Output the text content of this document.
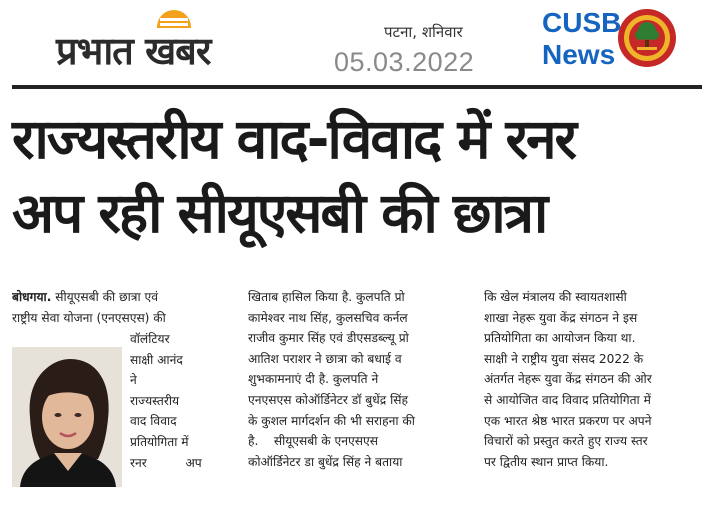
प्रभात खबर	पटना, शनिवार
05.03.2022
CUSB
News
राज्यस्तरीय वाद-विवाद में रनर
अप रही सीयूएसबी की छात्रा
बोधगया. सीयूएसबी की छात्रा एवं
राष्ट्रीय सेवा योजना (एनएसएस) की
वॉलंटियर
साक्षी आनंद
ने
राज्यस्तरीय
वाद विवाद
प्रतियोगिता में
रनर          अप
खिताब हासिल किया है. कुलपति प्रो
कामेश्वर नाथ सिंह, कुलसचिव कर्नल
राजीव कुमार सिंह एवं डीएसडब्ल्यू प्रो
आतिश पराशर ने छात्रा को बधाई व
शुभकामनाएं दी है. कुलपति ने
एनएसएस कोऑर्डिनेटर डॉ बुधेंद्र सिंह
के कुशल मार्गदर्शन की भी सराहना की
है.    सीयूएसबी के एनएसएस
कोऑर्डिनेटर डा बुधेंद्र सिंह ने बताया
कि खेल मंत्रालय की स्वायतशासी
शाखा नेहरू युवा केंद्र संगठन ने इस
प्रतियोगिता का आयोजन किया था.
साक्षी ने राष्ट्रीय युवा संसद 2022 के
अंतर्गत नेहरू युवा केंद्र संगठन की ओर
से आयोजित वाद विवाद प्रतियोगिता में
एक भारत श्रेष्ठ भारत प्रकरण पर अपने
विचारों को प्रस्तुत करते हुए राज्य स्तर
पर द्वितीय स्थान प्राप्त किया.
